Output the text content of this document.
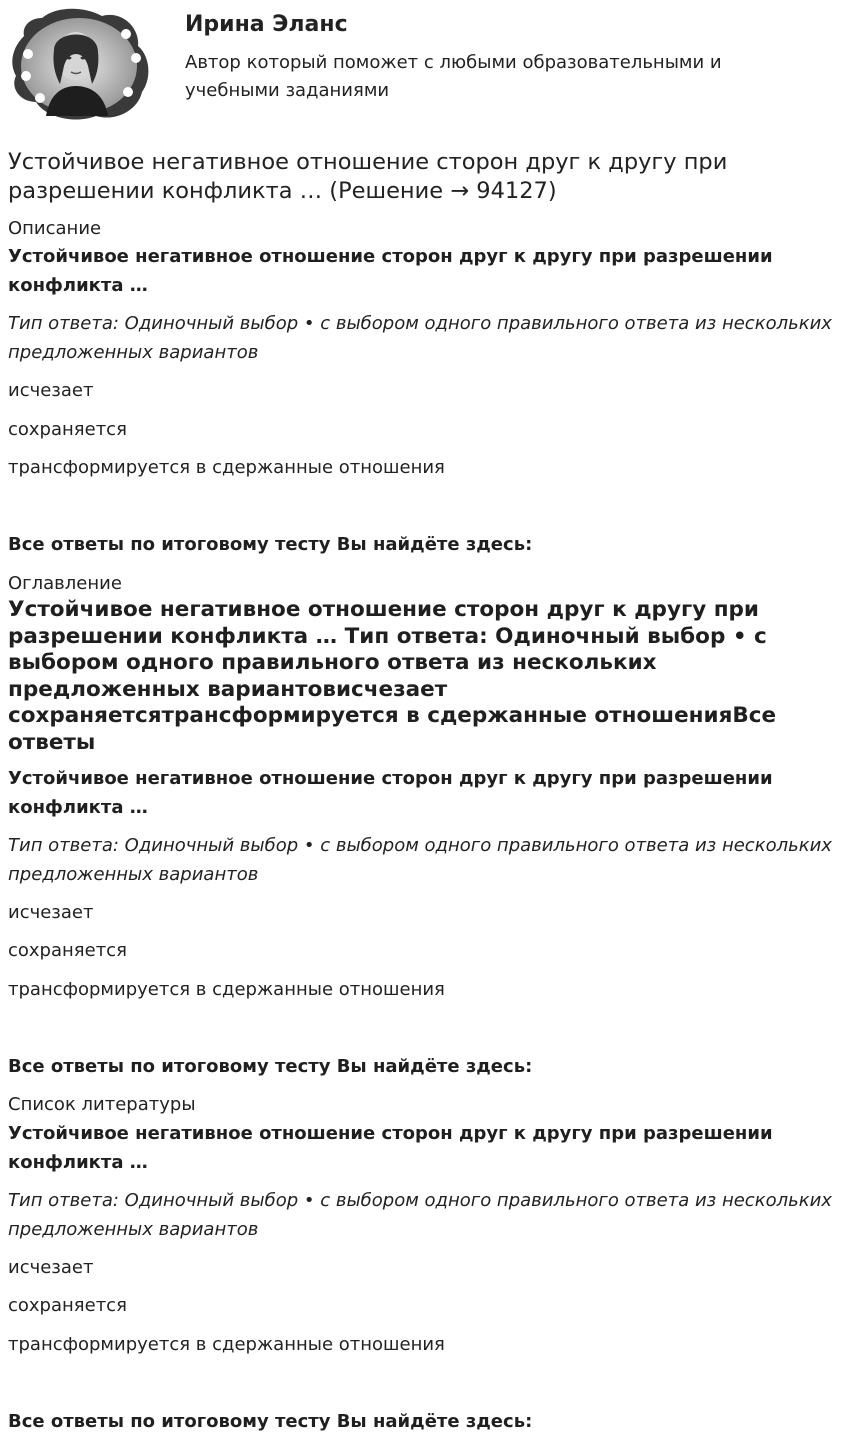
Ирина Эланс
Автор который поможет с любыми образовательными и учебными заданиями
Устойчивое негативное отношение сторон друг к другу при разрешении конфликта … (Решение → 94127)
Описание
Устойчивое негативное отношение сторон друг к другу при разрешении конфликта …
Тип ответа: Одиночный выбор • с выбором одного правильного ответа из нескольких предложенных вариантов
исчезает
сохраняется
трансформируется в сдержанные отношения
Все ответы по итоговому тесту Вы найдёте здесь:
Оглавление
Устойчивое негативное отношение сторон друг к другу при разрешении конфликта … Тип ответа: Одиночный выбор • с выбором одного правильного ответа из нескольких предложенных вариантовисчезает сохраняетсятрансформируется в сдержанные отношенияВсе ответы
Устойчивое негативное отношение сторон друг к другу при разрешении конфликта …
Тип ответа: Одиночный выбор • с выбором одного правильного ответа из нескольких предложенных вариантов
исчезает
сохраняется
трансформируется в сдержанные отношения
Все ответы по итоговому тесту Вы найдёте здесь:
Список литературы
Устойчивое негативное отношение сторон друг к другу при разрешении конфликта …
Тип ответа: Одиночный выбор • с выбором одного правильного ответа из нескольких предложенных вариантов
исчезает
сохраняется
трансформируется в сдержанные отношения
Все ответы по итоговому тесту Вы найдёте здесь:
